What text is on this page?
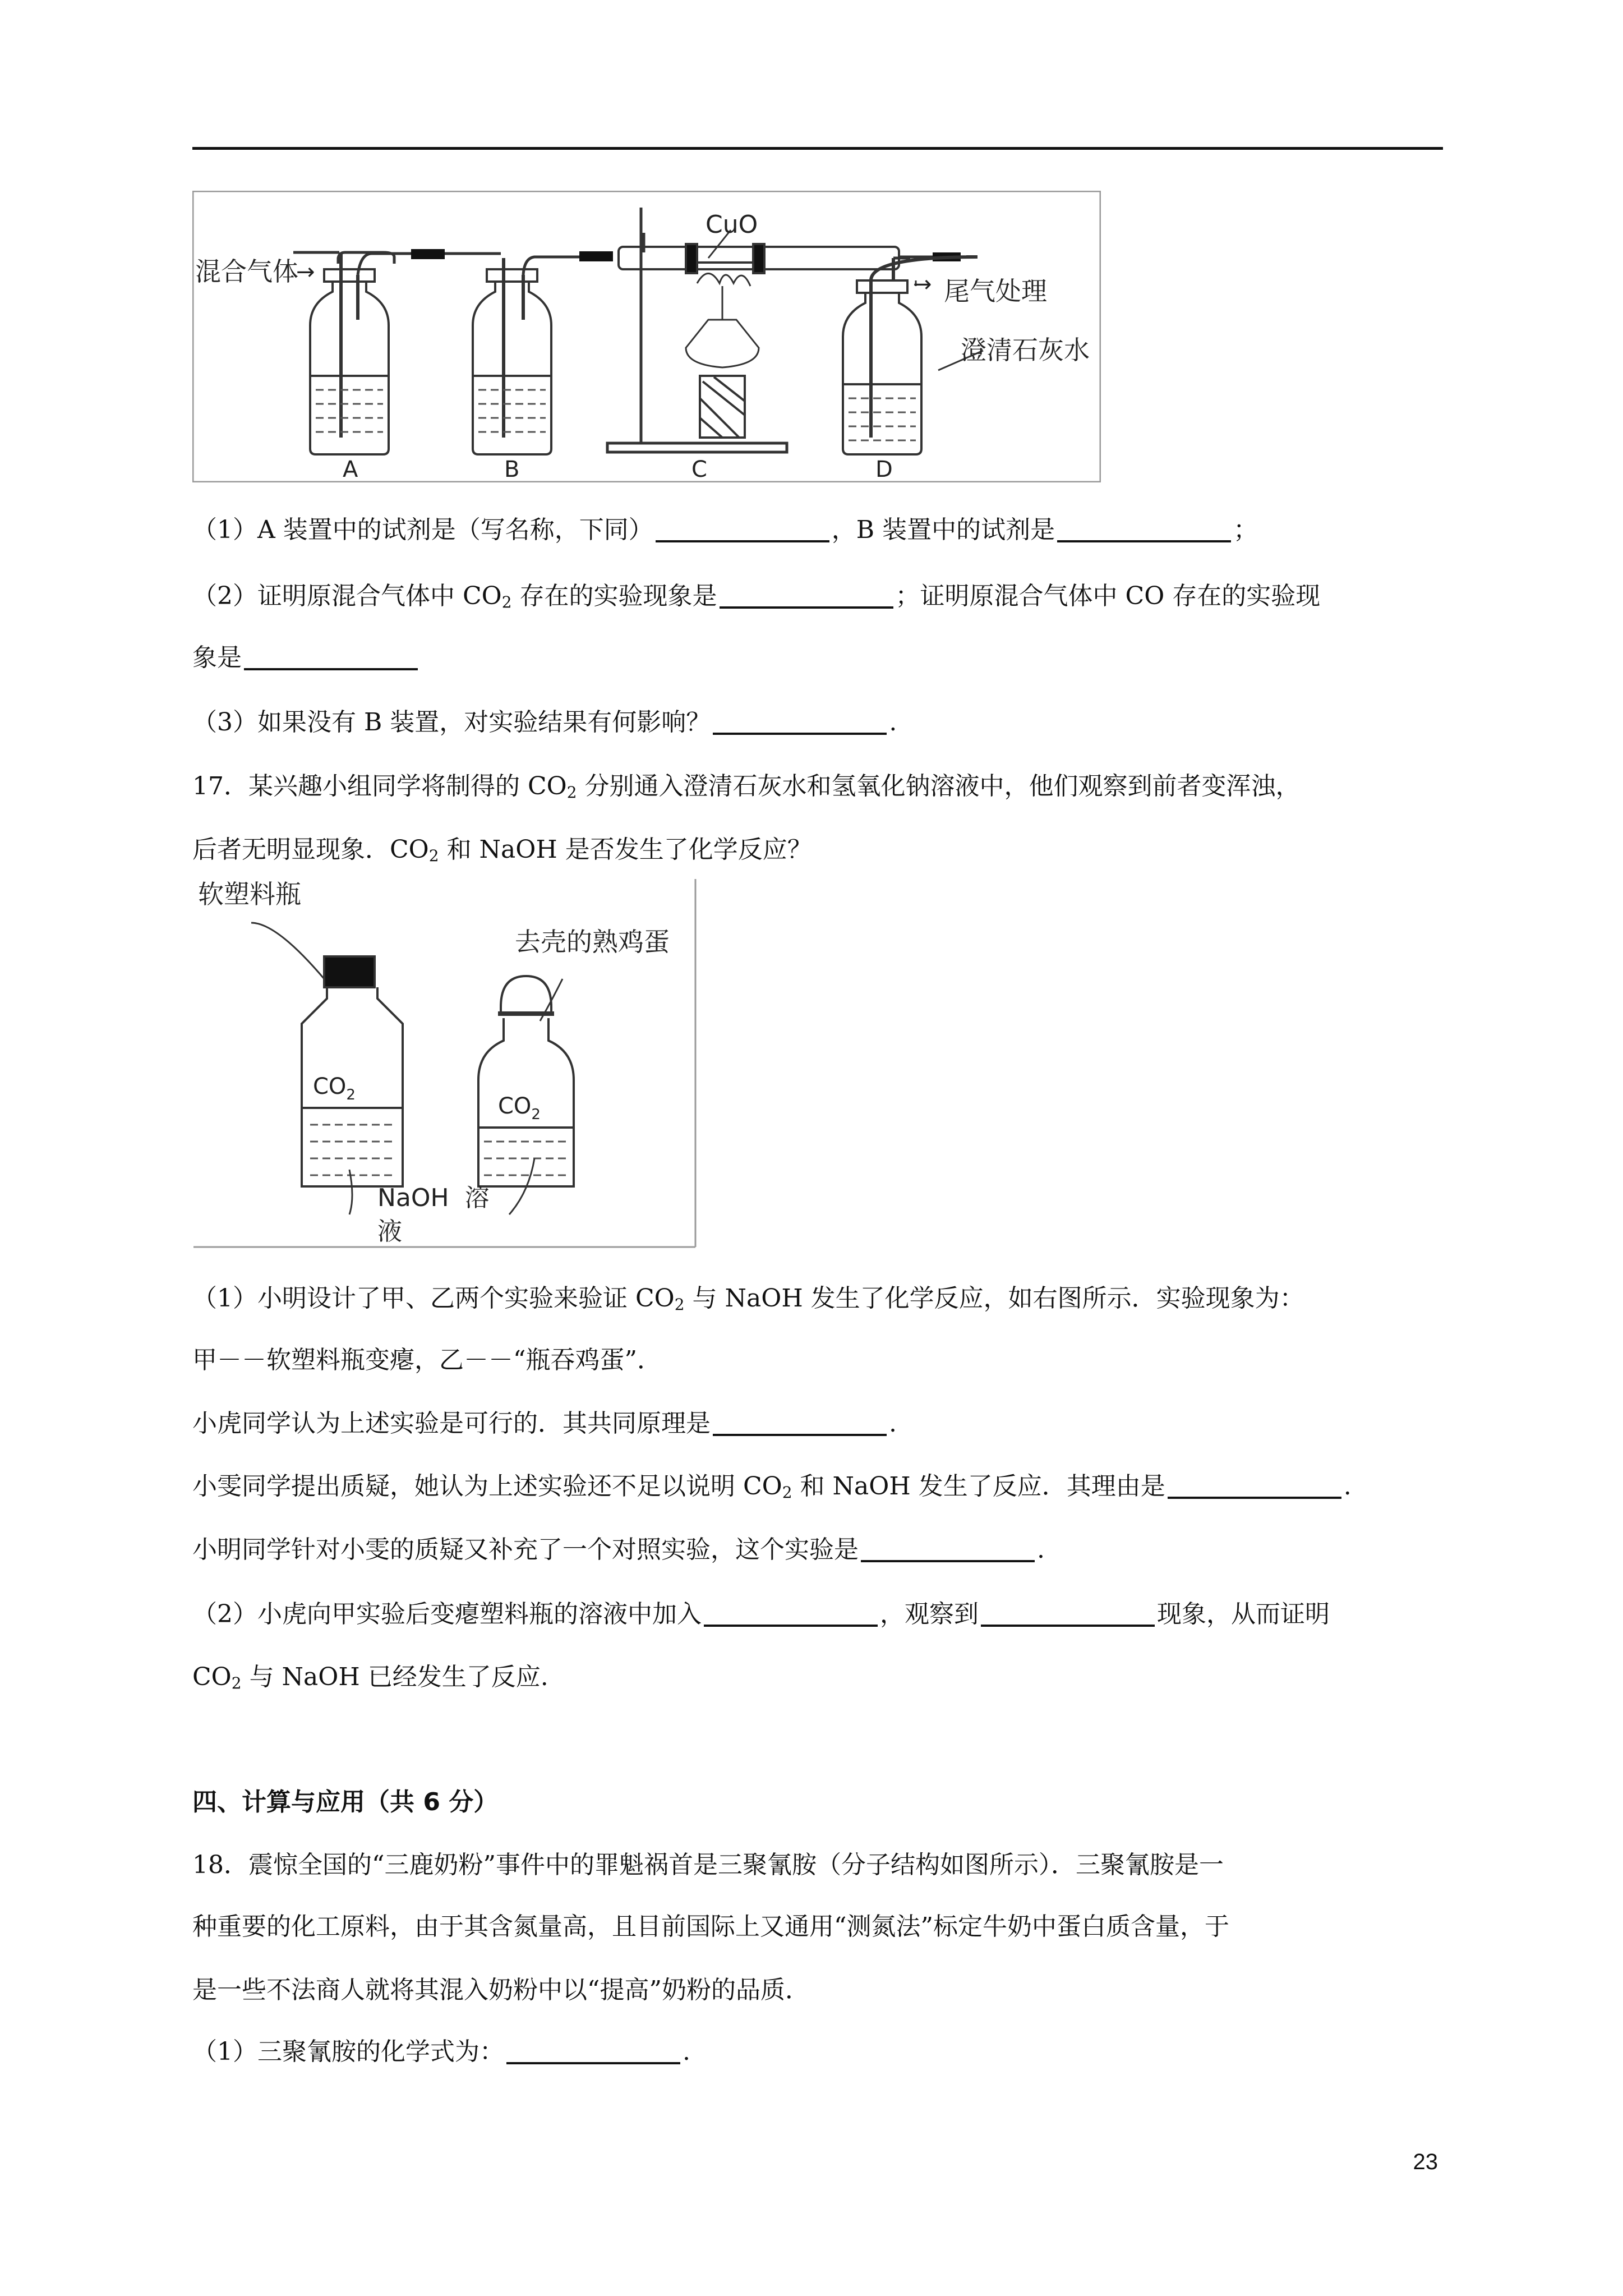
混合气体
→
CuO
→ 尾气处理
澄清石灰水
A	B	C	D
（1）A 装置中的试剂是（写名称，下同）	，B 装置中的试剂是	；
（2）证明原混合气体中 $CO_2$ 存在的实验现象是	；证明原混合气体中 CO 存在的实验现
象是
（3）如果没有 B 装置，对实验结果有何影响？	.
17．某兴趣小组同学将制得的 $CO_2$ 分别通入澄清石灰水和氢氧化钠溶液中，他们观察到前者变浑浊，
后者无明显现象．$CO_2$ 和 NaOH 是否发生了化学反应？
软塑料瓶
去壳的熟鸡蛋
$CO_2$	$CO_2$
NaOH  溶
液
（1）小明设计了甲、乙两个实验来验证 $CO_2$ 与 NaOH 发生了化学反应，如右图所示．实验现象为：
甲－－软塑料瓶变瘪，乙－－“瓶吞鸡蛋”．
小虎同学认为上述实验是可行的．其共同原理是	.
小雯同学提出质疑，她认为上述实验还不足以说明 $CO_2$ 和 NaOH 发生了反应．其理由是	.
小明同学针对小雯的质疑又补充了一个对照实验，这个实验是	.
（2）小虎向甲实验后变瘪塑料瓶的溶液中加入	，观察到	现象，从而证明
$CO_2$ 与 NaOH 已经发生了反应.
四、计算与应用（共 6 分）
18．震惊全国的“三鹿奶粉”事件中的罪魁祸首是三聚氰胺（分子结构如图所示）．三聚氰胺是一
种重要的化工原料，由于其含氮量高，且目前国际上又通用“测氮法”标定牛奶中蛋白质含量，于
是一些不法商人就将其混入奶粉中以“提高”奶粉的品质．
（1）三聚氰胺的化学式为：	.
23
